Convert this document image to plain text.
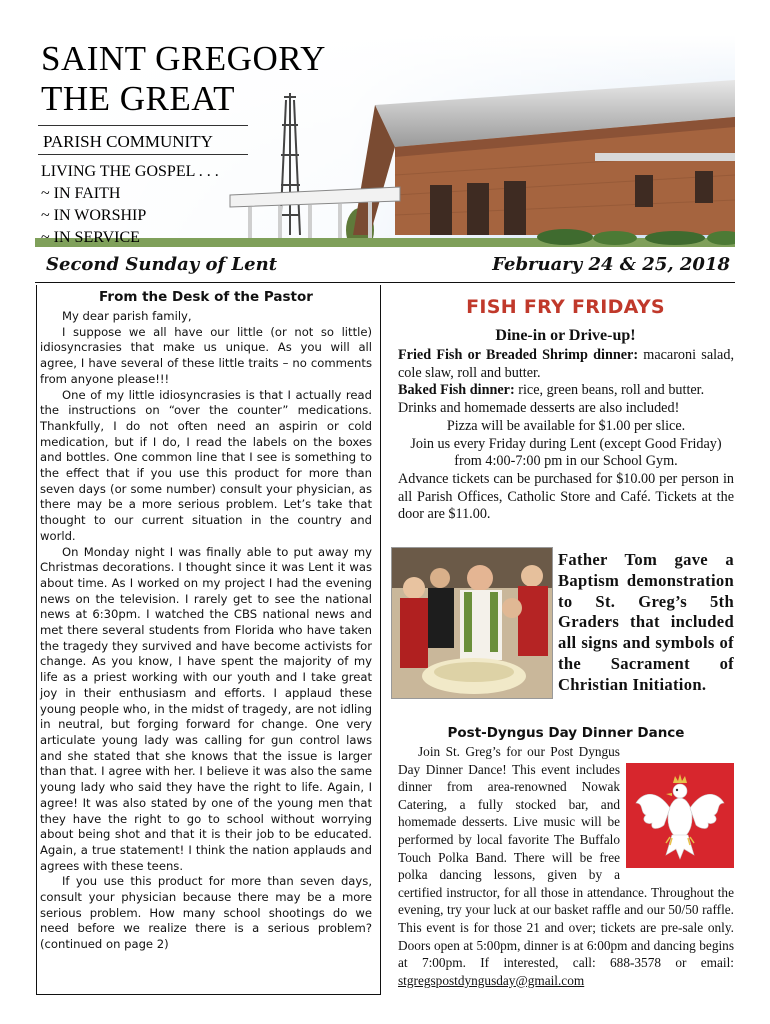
SAINT GREGORY
THE GREAT
PARISH COMMUNITY
LIVING THE GOSPEL . . .
~ IN FAITH
~ IN WORSHIP
~ IN SERVICE
Second Sunday of Lent	February 24 & 25, 2018
From the Desk of the Pastor

My dear parish family,

I suppose we all have our little (or not so little) idiosyncrasies that make us unique. As you will all agree, I have several of these little traits – no comments from anyone please!!!

One of my little idiosyncrasies is that I actually read the instructions on “over the counter” medications. Thankfully, I do not often need an aspirin or cold medication, but if I do, I read the labels on the boxes and bottles. One common line that I see is something to the effect that if you use this product for more than seven days (or some number) consult your physician, as there may be a more serious problem. Let’s take that thought to our current situation in the country and world.

On Monday night I was finally able to put away my Christmas decorations. I thought since it was Lent it was about time. As I worked on my project I had the evening news on the television. I rarely get to see the national news at 6:30pm. I watched the CBS national news and met there several students from Florida who have taken the tragedy they survived and have become activists for change. As you know, I have spent the majority of my life as a priest working with our youth and I take great joy in their enthusiasm and efforts. I applaud these young people who, in the midst of tragedy, are not idling in neutral, but forging forward for change. One very articulate young lady was calling for gun control laws and she stated that she knows that the issue is larger than that. I agree with her. I believe it was also the same young lady who said they have the right to life. Again, I agree! It was also stated by one of the young men that they have the right to go to school without worrying about being shot and that it is their job to be educated. Again, a true statement! I think the nation applauds and agrees with these teens.

If you use this product for more than seven days, consult your physician because there may be a more serious problem. How many school shootings do we need before we realize there is a serious problem? (continued on page 2)

FISH FRY FRIDAYS
Dine-in or Drive-up!

Fried Fish or Breaded Shrimp dinner: macaroni salad, cole slaw, roll and butter.

Baked Fish dinner: rice, green beans, roll and butter.

Drinks and homemade desserts are also included!

Pizza will be available for $1.00 per slice.

Join us every Friday during Lent (except Good Friday) from 4:00-7:00 pm in our School Gym.

Advance tickets can be purchased for $10.00 per person in all Parish Offices, Catholic Store and Café. Tickets at the door are $11.00.

Father Tom gave a Baptism demonstration to St. Greg’s 5th Graders that included all signs and symbols of the Sacrament of Christian Initiation.
Post-Dyngus Day Dinner Dance

Join St. Greg’s for our Post Dyngus Day Dinner Dance! This event includes dinner from area-renowned Nowak Catering, a fully stocked bar, and homemade desserts. Live music will be performed by local favorite The Buffalo Touch Polka Band. There will be free polka dancing lessons, given by a certified instructor, for all those in attendance. Throughout the evening, try your luck at our basket raffle and our 50/50 raffle. This event is for those 21 and over; tickets are pre-sale only. Doors open at 5:00pm, dinner is at 6:00pm and dancing begins at 7:00pm. If interested, call: 688-3578 or email: stgregspostdyngusday@gmail.com
